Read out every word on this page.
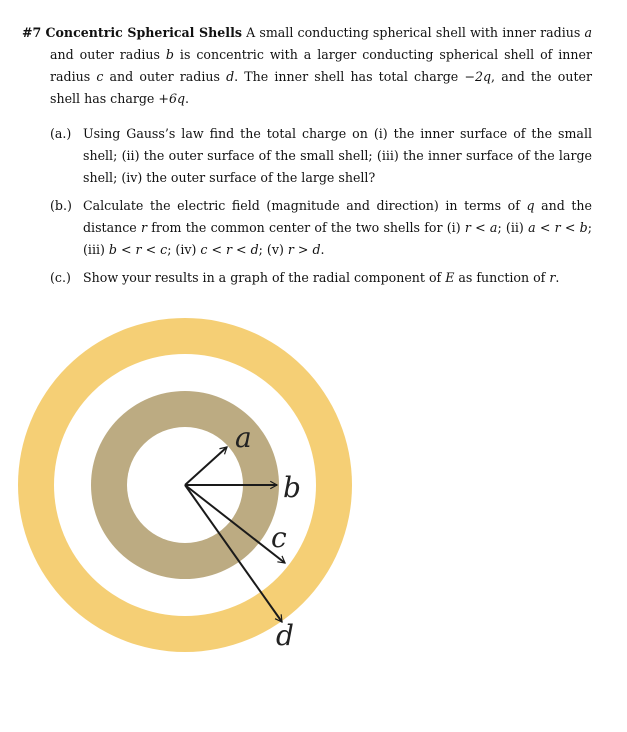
#7 Concentric Spherical Shells A small conducting spherical shell with inner radius a and outer radius b is concentric with a larger conducting spherical shell of inner radius c and outer radius d. The inner shell has total charge −2q, and the outer shell has charge +6q.

(a.) Using Gauss’s law find the total charge on (i) the inner surface of the small shell; (ii) the outer surface of the small shell; (iii) the inner surface of the large shell; (iv) the outer surface of the large shell?
(b.) Calculate the electric field (magnitude and direction) in terms of q and the distance r from the common center of the two shells for (i) r < a; (ii) a < r < b; (iii) b < r < c; (iv) c < r < d; (v) r > d.
(c.) Show your results in a graph of the radial component of E as function of r.
a
b
c
d
